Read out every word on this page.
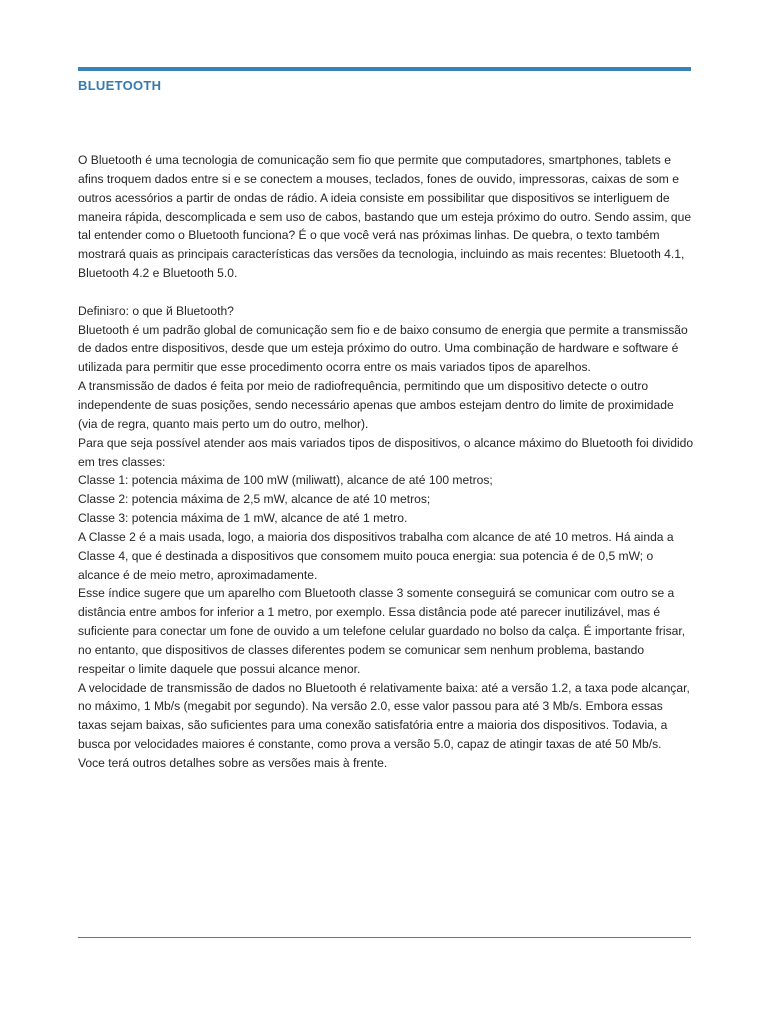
BLUETOOTH

O Bluetooth é uma tecnologia de comunicação sem fio que permite que computadores, smartphones, tablets e afins troquem dados entre si e se conectem a mouses, teclados, fones de ouvido, impressoras, caixas de som e outros acessórios a partir de ondas de rádio. A ideia consiste em possibilitar que dispositivos se interliguem de maneira rápida, descomplicada e sem uso de cabos, bastando que um esteja próximo do outro. Sendo assim, que tal entender como o Bluetooth funciona? É o que você verá nas próximas linhas. De quebra, o texto também mostrará quais as principais características das versões da tecnologia, incluindo as mais recentes: Bluetooth 4.1, Bluetooth 4.2 e Bluetooth 5.0.

Definiзгo: o que й Bluetooth?

Bluetooth é um padrão global de comunicação sem fio e de baixo consumo de energia que permite a transmissão de dados entre dispositivos, desde que um esteja próximo do outro. Uma combinação de hardware e software é utilizada para permitir que esse procedimento ocorra entre os mais variados tipos de aparelhos.

A transmissão de dados é feita por meio de radiofrequência, permitindo que um dispositivo detecte o outro independente de suas posições, sendo necessário apenas que ambos estejam dentro do limite de proximidade (via de regra, quanto mais perto um do outro, melhor).

Para que seja possível atender aos mais variados tipos de dispositivos, o alcance máximo do Bluetooth foi dividido em tres classes:

Classe 1: potencia máxima de 100 mW (miliwatt), alcance de até 100 metros;

Classe 2: potencia máxima de 2,5 mW, alcance de até 10 metros;

Classe 3: potencia máxima de 1 mW, alcance de até 1 metro.

A Classe 2 é a mais usada, logo, a maioria dos dispositivos trabalha com alcance de até 10 metros. Há ainda a Classe 4, que é destinada a dispositivos que consomem muito pouca energia: sua potencia é de 0,5 mW; o alcance é de meio metro, aproximadamente.

Esse índice sugere que um aparelho com Bluetooth classe 3 somente conseguirá se comunicar com outro se a distância entre ambos for inferior a 1 metro, por exemplo. Essa distância pode até parecer inutilizável, mas é suficiente para conectar um fone de ouvido a um telefone celular guardado no bolso da calça. É importante frisar, no entanto, que dispositivos de classes diferentes podem se comunicar sem nenhum problema, bastando respeitar o limite daquele que possui alcance menor.

A velocidade de transmissão de dados no Bluetooth é relativamente baixa: até a versão 1.2, a taxa pode alcançar, no máximo, 1 Mb/s (megabit por segundo). Na versão 2.0, esse valor passou para até 3 Mb/s. Embora essas taxas sejam baixas, são suficientes para uma conexão satisfatória entre a maioria dos dispositivos. Todavia, a busca por velocidades maiores é constante, como prova a versão 5.0, capaz de atingir taxas de até 50 Mb/s.

Voce terá outros detalhes sobre as versões mais à frente.
